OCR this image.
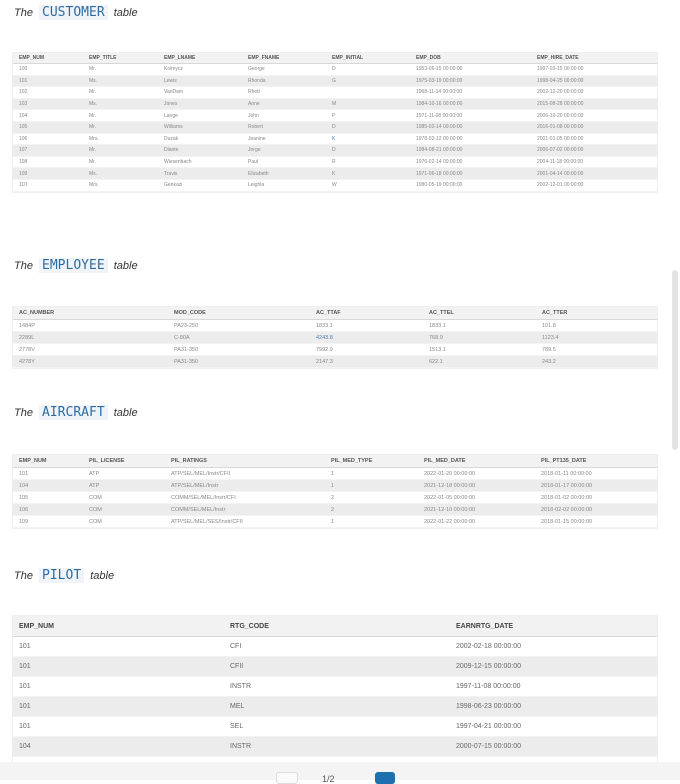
The CUSTOMER table
EMP_NUM	EMP_TITLE	EMP_LNAME	EMP_FNAME	EMP_INITIAL	EMP_DOB	EMP_HIRE_DATE
100	Mr.	Kolmycz	George	D	1953-06-15 00:00:00	1997-03-15 00:00:00
101	Ms.	Lewis	Rhonda	G	1975-03-19 00:00:00	1998-04-25 00:00:00
102	Mr.	VanDam	Rhett		1968-11-14 00:00:00	2002-12-20 00:00:00
103	Ms.	Jones	Anne	M	1984-10-16 00:00:00	2015-08-28 00:00:00
104	Mr.	Lange	John	P	1971-11-08 00:00:00	2006-10-20 00:00:00
105	Mr.	Williams	Robert	D	1985-03-14 00:00:00	2016-01-08 00:00:00
106	Mrs.	Duzak	Jeanine	K	1978-02-12 00:00:00	2001-01-05 00:00:00
107	Mr.	Diante	Jorge	D	1984-08-21 00:00:00	2006-07-02 00:00:00
108	Mr.	Wiesenbach	Paul	R	1976-02-14 00:00:00	2004-11-18 00:00:00
109	Ms.	Travis	Elizabeth	K	1971-06-18 00:00:00	2001-04-14 00:00:00
110	Mrs.	Genkazi	Leighla	W	1980-05-19 00:00:00	2002-12-01 00:00:00
The EMPLOYEE table
AC_NUMBER	MOD_CODE	AC_TTAF	AC_TTEL	AC_TTER
1484P	PA23-250	1833.1	1833.1	101.8
2289L	C-90A	4243.8	768.9	1123.4
2778V	PA31-350	7992.9	1513.1	789.5
4278Y	PA31-350	2147.3	622.1	243.2
The AIRCRAFT table
EMP_NUM	PIL_LICENSE	PIL_RATINGS	PIL_MED_TYPE	PIL_MED_DATE	PIL_PT135_DATE
101	ATP	ATP/SEL/MEL/Instr/CFII	1	2022-01-20 00:00:00	2018-01-11 00:00:00
104	ATP	ATP/SEL/MEL/Instr	1	2021-12-18 00:00:00	2018-01-17 00:00:00
105	COM	COMM/SEL/MEL/Instr/CFI	2	2022-01-05 00:00:00	2018-01-02 00:00:00
106	COM	COMM/SEL/MEL/Instr	2	2021-12-10 00:00:00	2018-02-02 00:00:00
109	COM	ATP/SEL/MEL/SES/Instr/CFII	1	2022-01-22 00:00:00	2018-01-15 00:00:00
The PILOT table
EMP_NUM	RTG_CODE	EARNRTG_DATE
101	CFI	2002-02-18 00:00:00
101	CFII	2009-12-15 00:00:00
101	INSTR	1997-11-08 00:00:00
101	MEL	1998-06-23 00:00:00
101	SEL	1997-04-21 00:00:00
104	INSTR	2000-07-15 00:00:00

1/2
